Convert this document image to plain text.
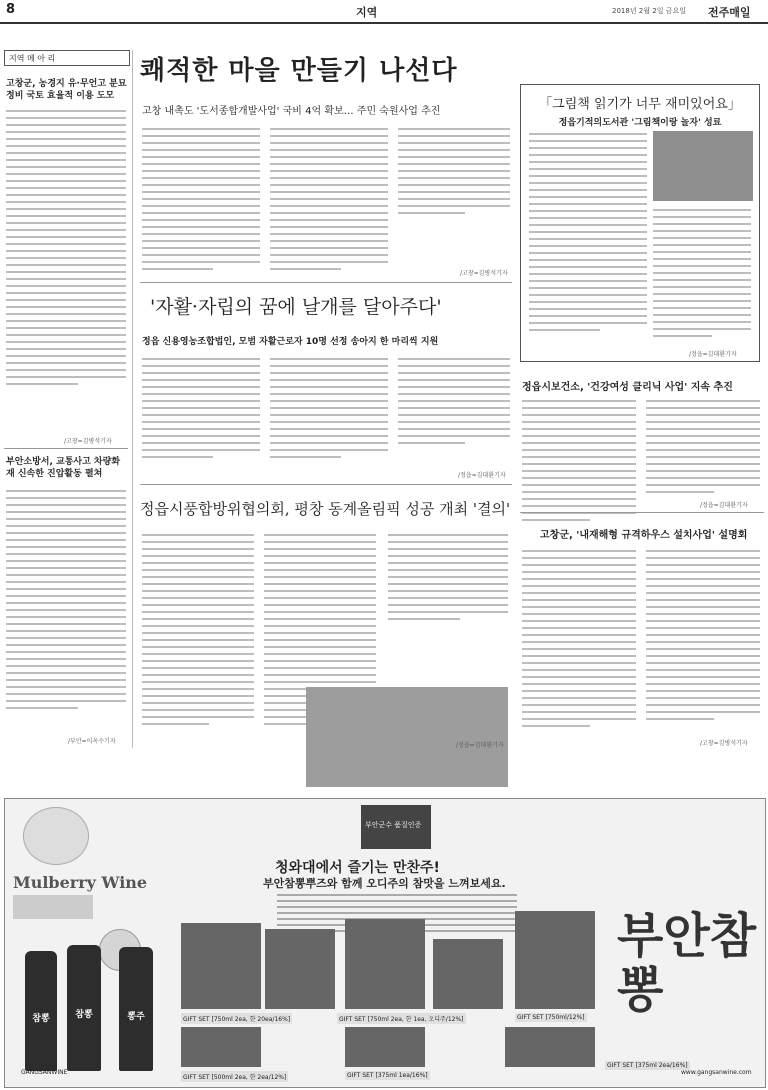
8	지역	2018년 2월 2일 금요일 전주매일
지역 메 아 리
고창군, 농경지 유·무언고 분묘 정비 국토 효율적 이용 도모
/고창=김병석기자
부안소방서, 교통사고 차량화재 신속한 진압활동 펼쳐
/부안=이옥수기자
쾌적한 마을 만들기 나선다
고창 내촉도 '도서종합개발사업' 국비 4억 확보… 주민 숙원사업 추진
/고창=김병석기자
「그림책 읽기가 너무 재미있어요」
정읍기적의도서관 '그림책이랑 놀자' 성료
/정읍=김대환기자
'자활·자립의 꿈에 날개를 달아주다'
정읍 신용영농조합법인, 모범 자활근로자 10명 선정 송아지 한 마리씩 지원
/정읍=김대환기자
정읍시풍합방위협의회, 평창 동계올림픽 성공 개최 '결의'
/정읍=김대환기자
정읍시보건소, '건강여성 클리닉 사업' 지속 추진
/정읍=김대환기자
고창군, '내재해형 규격하우스 설치사업' 설명회
/고창=김병석기자
Mulberry Wine
부안군수 품질인증
청와대에서 즐기는 만찬주!
부안참뽕뿌즈와 함께 오디주의 참맛을 느껴보세요.
참뽕	참뽕	뽕주	GIFT SET [750ml 2ea, 한 20ea/16%]	GIFT SET [750ml 2ea, 한 1ea, 오디주/12%]	GIFT SET [750ml/12%]
GIFT SET [500ml 2ea, 한 2ea/12%]	GIFT SET [375ml 1ea/16%]
GIFT SET [375ml 2ea/16%]
부안참뽕
GANGSANWINE	www.gangsanwine.com
